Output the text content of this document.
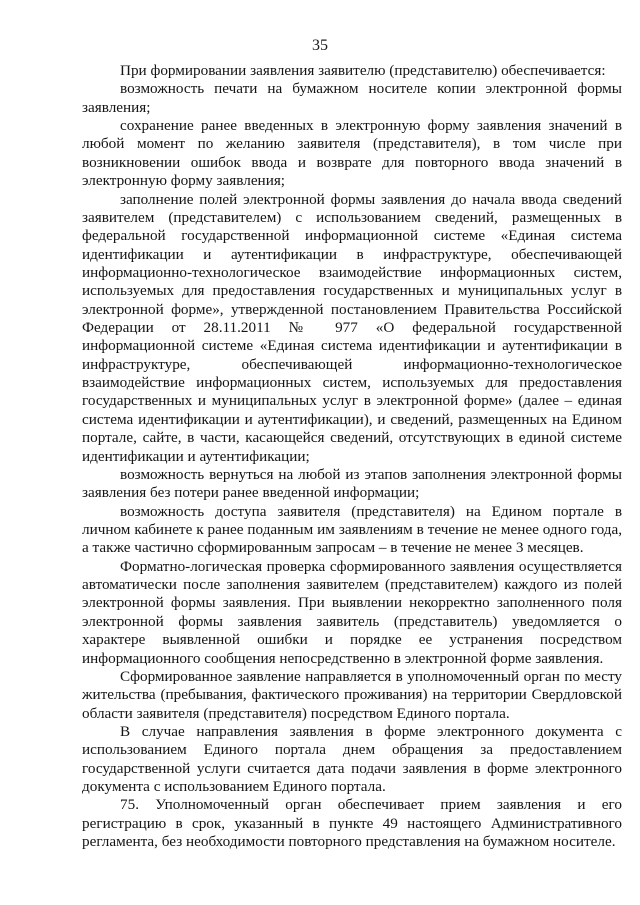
35

При формировании заявления заявителю (представителю) обеспечивается:

возможность печати на бумажном носителе копии электронной формы заявления;

сохранение ранее введенных в электронную форму заявления значений в любой момент по желанию заявителя (представителя), в том числе при возникновении ошибок ввода и возврате для повторного ввода значений в электронную форму заявления;

заполнение полей электронной формы заявления до начала ввода сведений заявителем (представителем) с использованием сведений, размещенных в федеральной государственной информационной системе «Единая система идентификации и аутентификации в инфраструктуре, обеспечивающей информационно-технологическое взаимодействие информационных систем, используемых для предоставления государственных и муниципальных услуг в электронной форме», утвержденной постановлением Правительства Российской Федерации от 28.11.2011 № 977 «О федеральной государственной информационной системе «Единая система идентификации и аутентификации в инфраструктуре, обеспечивающей информационно-технологическое взаимодействие информационных систем, используемых для предоставления государственных и муниципальных услуг в электронной форме» (далее – единая система идентификации и аутентификации), и сведений, размещенных на Едином портале, сайте, в части, касающейся сведений, отсутствующих в единой системе идентификации и аутентификации;

возможность вернуться на любой из этапов заполнения электронной формы заявления без потери ранее введенной информации;

возможность доступа заявителя (представителя) на Едином портале в личном кабинете к ранее поданным им заявлениям в течение не менее одного года, а также частично сформированным запросам – в течение не менее 3 месяцев.

Форматно-логическая проверка сформированного заявления осуществляется автоматически после заполнения заявителем (представителем) каждого из полей электронной формы заявления. При выявлении некорректно заполненного поля электронной формы заявления заявитель (представитель) уведомляется о характере выявленной ошибки и порядке ее устранения посредством информационного сообщения непосредственно в электронной форме заявления.

Сформированное заявление направляется в уполномоченный орган по месту жительства (пребывания, фактического проживания) на территории Свердловской области заявителя (представителя) посредством Единого портала.

В случае направления заявления в форме электронного документа с использованием Единого портала днем обращения за предоставлением государственной услуги считается дата подачи заявления в форме электронного документа с использованием Единого портала.

75. Уполномоченный орган обеспечивает прием заявления и его регистрацию в срок, указанный в пункте 49 настоящего Административного регламента, без необходимости повторного представления на бумажном носителе.
